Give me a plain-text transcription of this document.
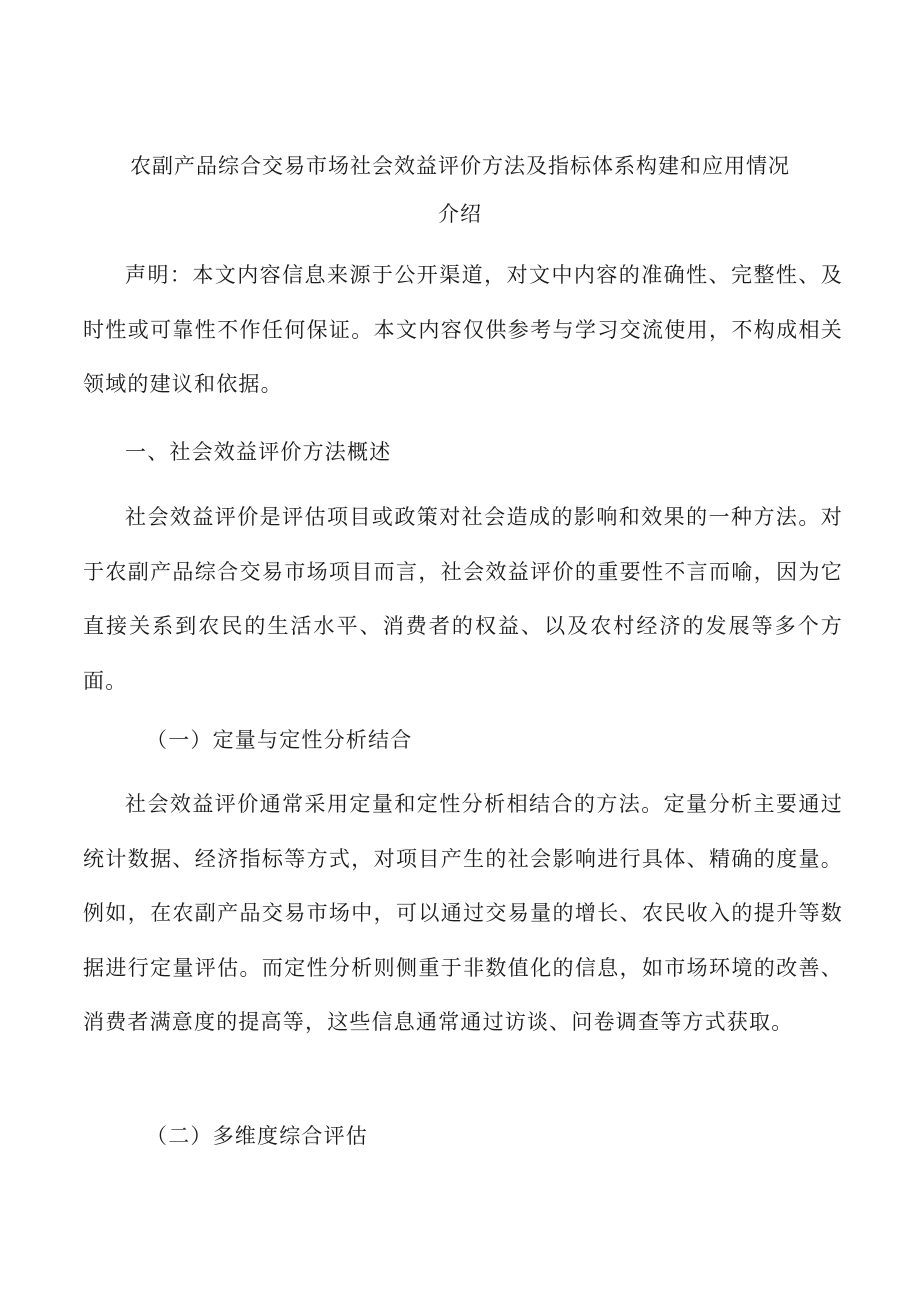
农副产品综合交易市场社会效益评价方法及指标体系构建和应用情况
介绍

声明：本文内容信息来源于公开渠道，对文中内容的准确性、完整性、及时性或可靠性不作任何保证。本文内容仅供参考与学习交流使用，不构成相关领域的建议和依据。

一、社会效益评价方法概述

社会效益评价是评估项目或政策对社会造成的影响和效果的一种方法。对于农副产品综合交易市场项目而言，社会效益评价的重要性不言而喻，因为它直接关系到农民的生活水平、消费者的权益、以及农村经济的发展等多个方面。

（一）定量与定性分析结合

社会效益评价通常采用定量和定性分析相结合的方法。定量分析主要通过统计数据、经济指标等方式，对项目产生的社会影响进行具体、精确的度量。例如，在农副产品交易市场中，可以通过交易量的增长、农民收入的提升等数据进行定量评估。而定性分析则侧重于非数值化的信息，如市场环境的改善、消费者满意度的提高等，这些信息通常通过访谈、问卷调查等方式获取。

（二）多维度综合评估
